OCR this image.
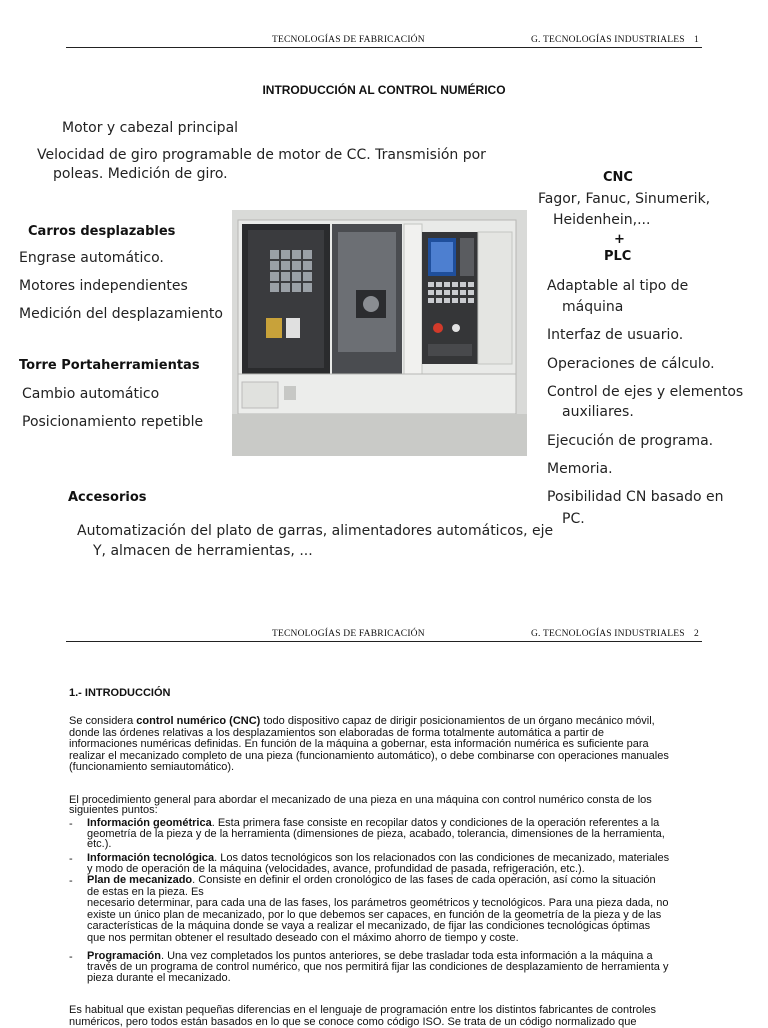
TECNOLOGÍAS DE FABRICACIÓN	G. TECNOLOGÍAS INDUSTRIALES 1
INTRODUCCIÓN AL CONTROL NUMÉRICO
Motor y cabezal principal
Velocidad de giro programable de motor de CC. Transmisión por
poleas. Medición de giro.
Carros desplazables
Engrase automático.
Motores independientes
Medición del desplazamiento
Torre Portaherramientas
Cambio automático
Posicionamiento repetible
CNC
Fagor, Fanuc, Sinumerik,
Heidenhein,...
+
PLC
Adaptable al tipo de
máquina
Interfaz de usuario.
Operaciones de cálculo.
Control de ejes y elementos
auxiliares.
Ejecución de programa.
Memoria.
Posibilidad CN basado en
PC.
Accesorios
Automatización del plato de garras, alimentadores automáticos, eje
Y, almacen de herramientas, ...
TECNOLOGÍAS DE FABRICACIÓN	G. TECNOLOGÍAS INDUSTRIALES 2
1.- INTRODUCCIÓN
Se considera control numérico (CNC) todo dispositivo capaz de dirigir posicionamientos de un órgano mecánico móvil,
donde las órdenes relativas a los desplazamientos son elaboradas de forma totalmente automática a partir de
informaciones numéricas definidas. En función de la máquina a gobernar, esta información numérica es suficiente para
realizar el mecanizado completo de una pieza (funcionamiento automático), o debe combinarse con operaciones manuales
(funcionamiento semiautomático).
El procedimiento general para abordar el mecanizado de una pieza en una máquina con control numérico consta de los
siguientes puntos:
- Información geométrica. Esta primera fase consiste en recopilar datos y condiciones de la operación referentes a la
geometría de la pieza y de la herramienta (dimensiones de pieza, acabado, tolerancia, dimensiones de la herramienta,
etc.).
- Información tecnológica. Los datos tecnológicos son los relacionados con las condiciones de mecanizado, materiales
y modo de operación de la máquina (velocidades, avance, profundidad de pasada, refrigeración, etc.).
- Plan de mecanizado. Consiste en definir el orden cronológico de las fases de cada operación, así como la situación
de estas en la pieza. Es
necesario determinar, para cada una de las fases, los parámetros geométricos y tecnológicos. Para una pieza dada, no
existe un único plan de mecanizado, por lo que debemos ser capaces, en función de la geometría de la pieza y de las
características de la máquina donde se vaya a realizar el mecanizado, de fijar las condiciones tecnológicas óptimas
que nos permitan obtener el resultado deseado con el máximo ahorro de tiempo y coste.
- Programación. Una vez completados los puntos anteriores, se debe trasladar toda esta información a la máquina a
través de un programa de control numérico, que nos permitirá fijar las condiciones de desplazamiento de herramienta y
pieza durante el mecanizado.
Es habitual que existan pequeñas diferencias en el lenguaje de programación entre los distintos fabricantes de controles
numéricos, pero todos están basados en lo que se conoce como código ISO. Se trata de un código normalizado que
